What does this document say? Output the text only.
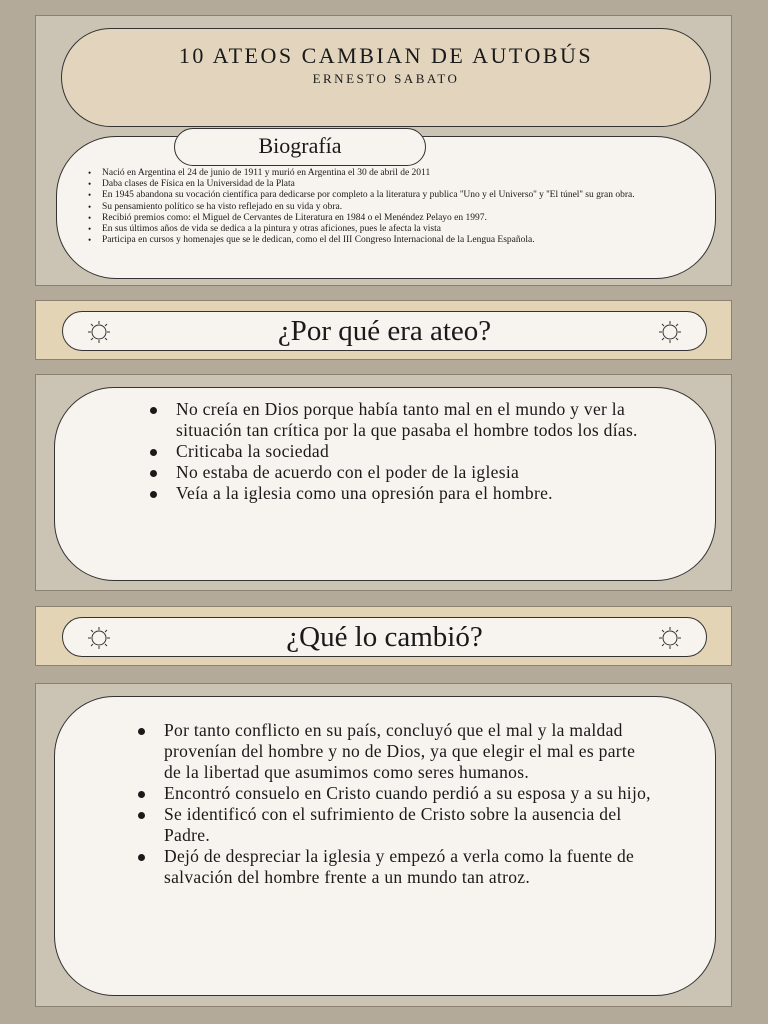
10 ATEOS CAMBIAN DE AUTOBÚS
ERNESTO SABATO
Biografía
• Nació en Argentina el 24 de junio de 1911 y murió en Argentina el 30 de abril de 2011
• Daba clases de Física en la Universidad de la Plata
• En 1945 abandona su vocación científica para dedicarse por completo a la literatura y publica ''Uno y el Universo'' y ''El túnel'' su gran obra.
• Su pensamiento político se ha visto reflejado en su vida y obra.
• Recibió premios como: el Miguel de Cervantes de Literatura en 1984 o el Menéndez Pelayo en 1997.
• En sus últimos años de vida se dedica a la pintura y otras aficiones, pues le afecta la vista
• Participa en cursos y homenajes que se le dedican, como el del III Congreso Internacional de la Lengua Española.
¿Por qué era ateo?
No creía en Dios porque había tanto mal en el mundo y ver la situación tan crítica por la que pasaba el hombre todos los días.
Criticaba la sociedad
No estaba de acuerdo con el poder de la iglesia
Veía a la iglesia como una opresión para el hombre.
¿Qué lo cambió?
Por tanto conflicto en su país, concluyó que el mal y la maldad provenían del hombre y no de Dios, ya que elegir el mal es parte de la libertad que asumimos como seres humanos.
Encontró consuelo en Cristo cuando perdió a su esposa y a su hijo,
Se identificó con el sufrimiento de Cristo sobre la ausencia del Padre.
Dejó de despreciar la iglesia y empezó a verla como la fuente de salvación del hombre frente a un mundo tan atroz.
